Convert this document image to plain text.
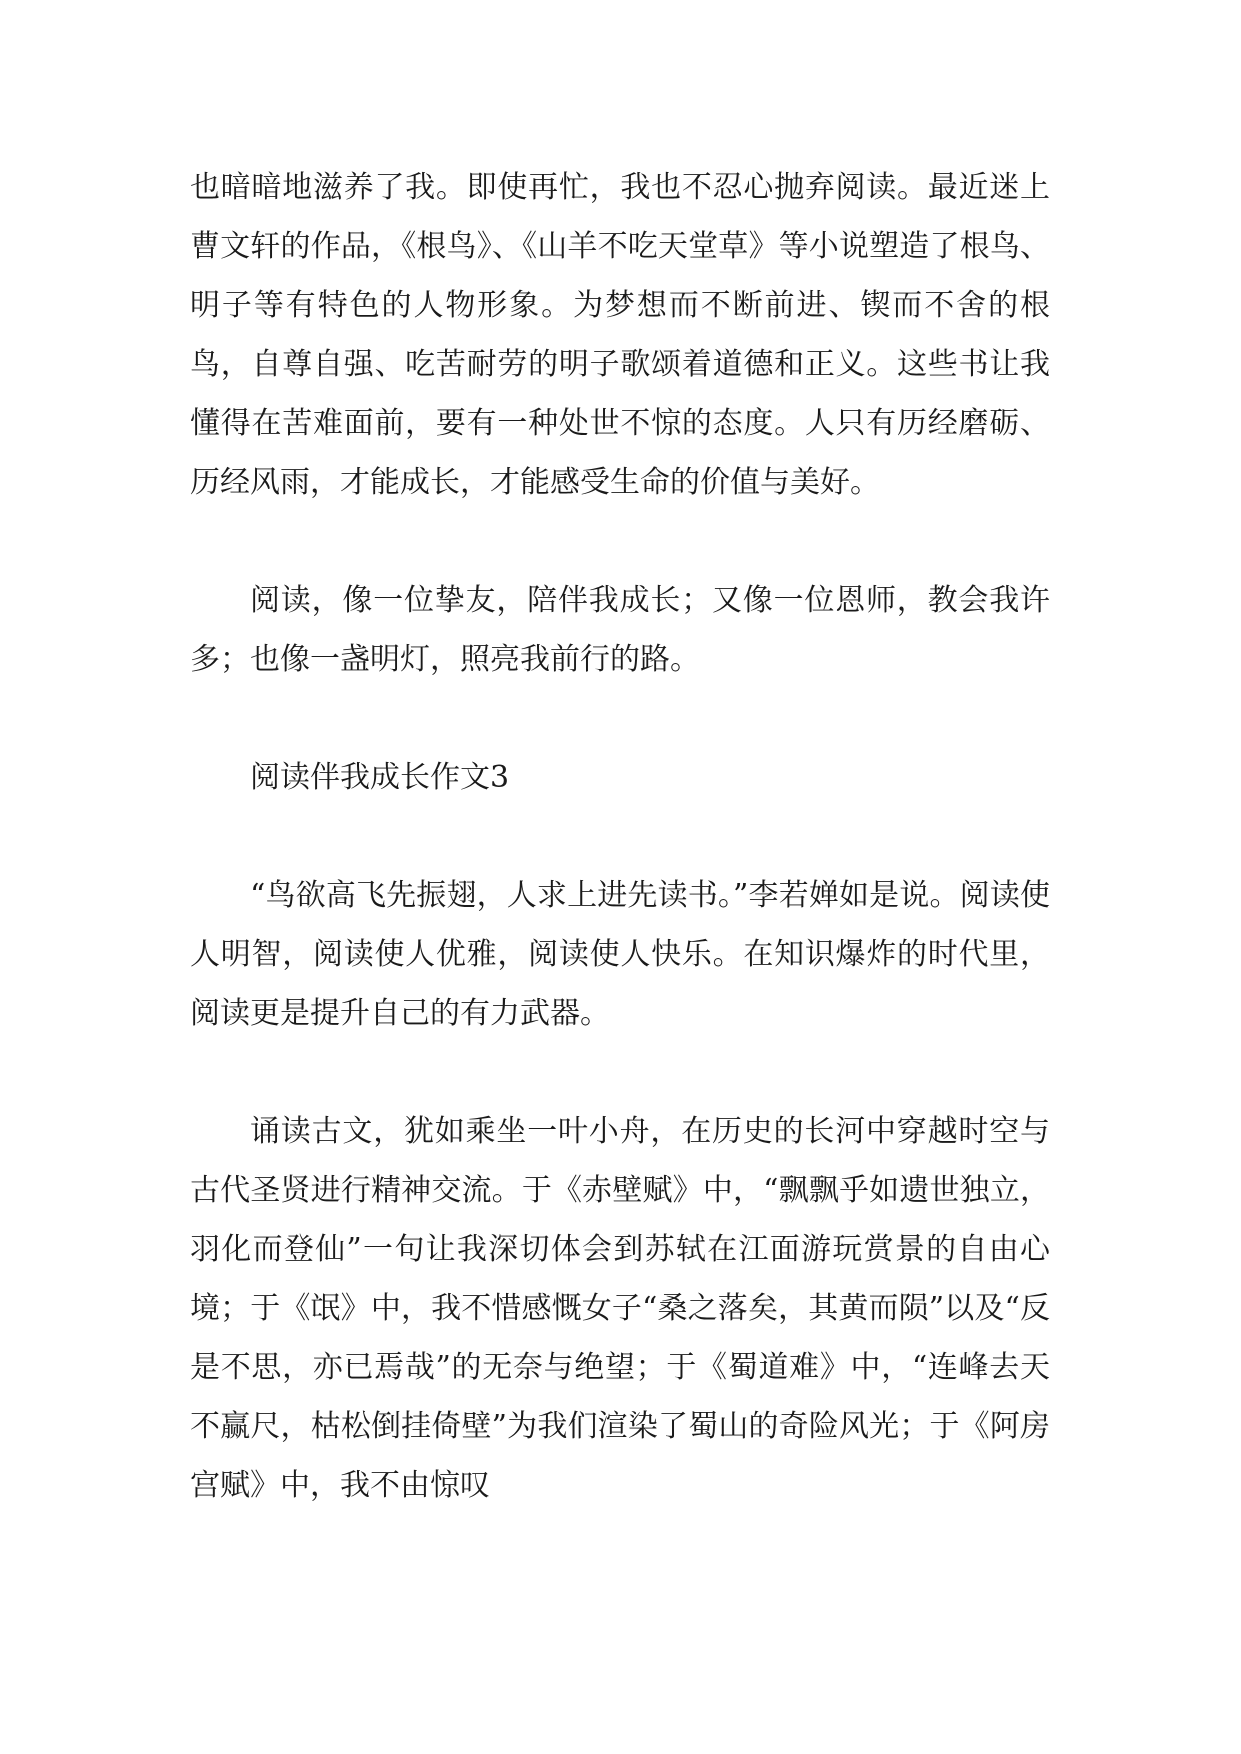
也暗暗地滋养了我。即使再忙，我也不忍心抛弃阅读。最近迷上曹文轩的作品，《根鸟》、《山羊不吃天堂草》等小说塑造了根鸟、明子等有特色的人物形象。为梦想而不断前进、锲而不舍的根鸟，自尊自强、吃苦耐劳的明子歌颂着道德和正义。这些书让我懂得在苦难面前，要有一种处世不惊的态度。人只有历经磨砺、历经风雨，才能成长，才能感受生命的价值与美好。

阅读，像一位挚友，陪伴我成长；又像一位恩师，教会我许多；也像一盏明灯，照亮我前行的路。

阅读伴我成长作文3

“鸟欲高飞先振翅，人求上进先读书。”李若婵如是说。阅读使人明智，阅读使人优雅，阅读使人快乐。在知识爆炸的时代里，阅读更是提升自己的有力武器。

诵读古文，犹如乘坐一叶小舟，在历史的长河中穿越时空与古代圣贤进行精神交流。于《赤壁赋》中，“飘飘乎如遗世独立，羽化而登仙”一句让我深切体会到苏轼在江面游玩赏景的自由心境；于《氓》中，我不惜感慨女子“桑之落矣，其黄而陨”以及“反是不思，亦已焉哉”的无奈与绝望；于《蜀道难》中，“连峰去天不赢尺，枯松倒挂倚壁”为我们渲染了蜀山的奇险风光；于《阿房宫赋》中，我不由惊叹
